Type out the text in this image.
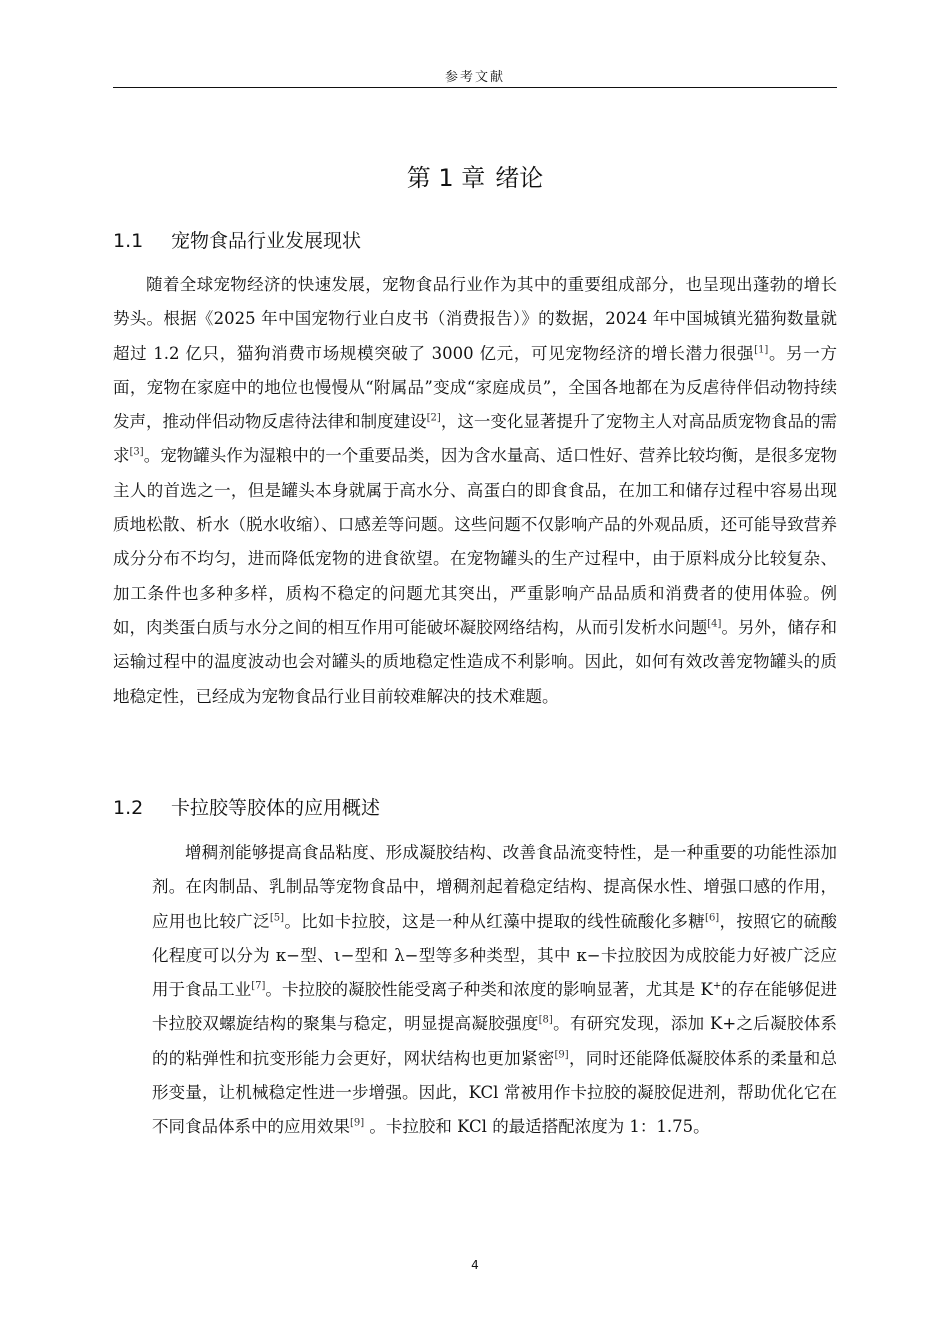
参考文献
第 1 章 绪论
1.1 宠物食品行业发展现状
随着全球宠物经济的快速发展，宠物食品行业作为其中的重要组成部分，也呈现出蓬勃的增长势头。根据《2025 年中国宠物行业白皮书（消费报告）》的数据，2024 年中国城镇光猫狗数量就超过 1.2 亿只，猫狗消费市场规模突破了 3000 亿元，可见宠物经济的增长潜力很强[1]。另一方面，宠物在家庭中的地位也慢慢从“附属品”变成“家庭成员”，全国各地都在为反虐待伴侣动物持续发声，推动伴侣动物反虐待法律和制度建设[2]，这一变化显著提升了宠物主人对高品质宠物食品的需求[3]。宠物罐头作为湿粮中的一个重要品类，因为含水量高、适口性好、营养比较均衡，是很多宠物主人的首选之一，但是罐头本身就属于高水分、高蛋白的即食食品，在加工和储存过程中容易出现质地松散、析水（脱水收缩）、口感差等问题。这些问题不仅影响产品的外观品质，还可能导致营养成分分布不均匀，进而降低宠物的进食欲望。在宠物罐头的生产过程中，由于原料成分比较复杂、加工条件也多种多样，质构不稳定的问题尤其突出，严重影响产品品质和消费者的使用体验。例如，肉类蛋白质与水分之间的相互作用可能破坏凝胶网络结构，从而引发析水问题[4]。另外，储存和运输过程中的温度波动也会对罐头的质地稳定性造成不利影响。因此，如何有效改善宠物罐头的质地稳定性，已经成为宠物食品行业目前较难解决的技术难题。
1.2 卡拉胶等胶体的应用概述
增稠剂能够提高食品粘度、形成凝胶结构、改善食品流变特性，是一种重要的功能性添加剂。在肉制品、乳制品等宠物食品中，增稠剂起着稳定结构、提高保水性、增强口感的作用，应用也比较广泛[5]。比如卡拉胶，这是一种从红藻中提取的线性硫酸化多糖[6]，按照它的硫酸化程度可以分为 κ−型、ι−型和 λ−型等多种类型，其中 κ−卡拉胶因为成胶能力好被广泛应用于食品工业[7]。卡拉胶的凝胶性能受离子种类和浓度的影响显著，尤其是 K+的存在能够促进卡拉胶双螺旋结构的聚集与稳定，明显提高凝胶强度[8]。有研究发现，添加 K+之后凝胶体系的的粘弹性和抗变形能力会更好，网状结构也更加紧密[9]，同时还能降低凝胶体系的柔量和总形变量，让机械稳定性进一步增强。因此，KCl 常被用作卡拉胶的凝胶促进剂，帮助优化它在不同食品体系中的应用效果[9] 。卡拉胶和 KCl 的最适搭配浓度为 1：1.75。
4
